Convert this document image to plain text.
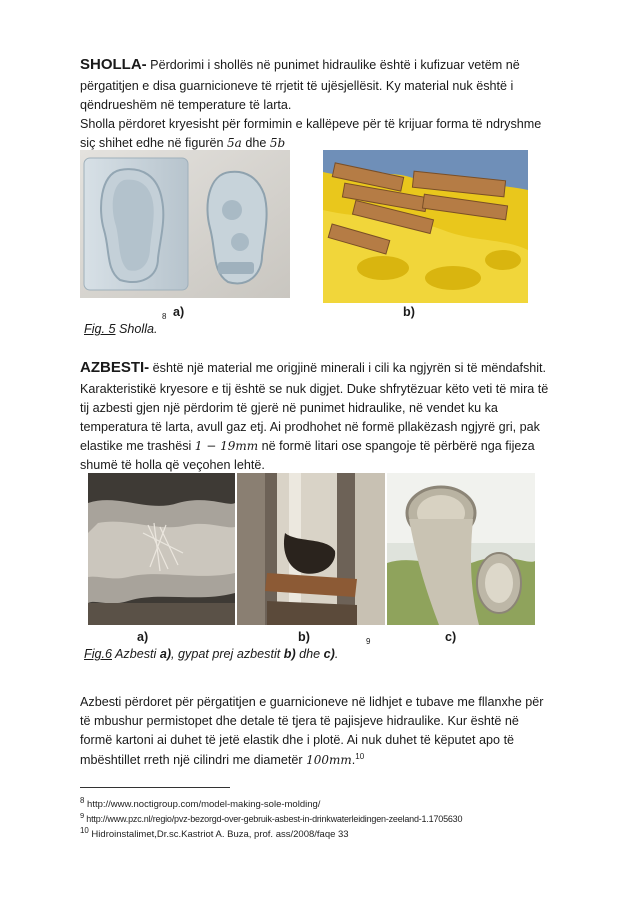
SHOLLA- Përdorimi i shollës në punimet hidraulike është i kufizuar vetëm në
përgatitjen e disa guarnicioneve të rrjetit të ujësjellësit. Ky material nuk është i
qëndrueshëm në temperature të larta.
Sholla përdoret kryesisht për formimin e kallëpeve për të krijuar forma të ndryshme
siç shihet edhe në figurën 5a dhe 5b
8 a)	b)
Fig. 5 Sholla.
AZBESTI- është një material me origjinë minerali i cili ka ngjyrën si të mëndafshit.
Karakteristikë kryesore e tij është se nuk digjet. Duke shfrytëzuar këto veti të mira të
tij azbesti gjen një përdorim të gjerë në punimet hidraulike, në vendet ku ka
temperatura të larta, avull gaz etj. Ai prodhohet në formë pllakëzash ngjyrë gri, pak
elastike me trashësi 1 − 19mm në formë litari ose spangoje të përbërë nga fijeza
shumë të holla që veçohen lehtë.
a)	b)	9	c)
Fig.6 Azbesti a), gypat prej azbestit b) dhe c).
Azbesti përdoret për përgatitjen e guarnicioneve në lidhjet e tubave me fllanxhe për
të mbushur permistopet dhe detale të tjera të pajisjeve hidraulike. Kur është në
formë kartoni ai duhet të jetë elastik dhe i plotë. Ai nuk duhet të këputet apo të
mbështillet rreth një cilindri me diametër 100mm.$^{10}$
$^8$ http://www.noctigroup.com/model-making-sole-molding/
$^9$ http://www.pzc.nl/regio/pvz-bezorgd-over-gebruik-asbest-in-drinkwaterleidingen-zeeland-1.1705630
$^{10}$ Hidroinstalimet,Dr.sc.Kastriot A. Buza, prof. ass/2008/faqe 33
